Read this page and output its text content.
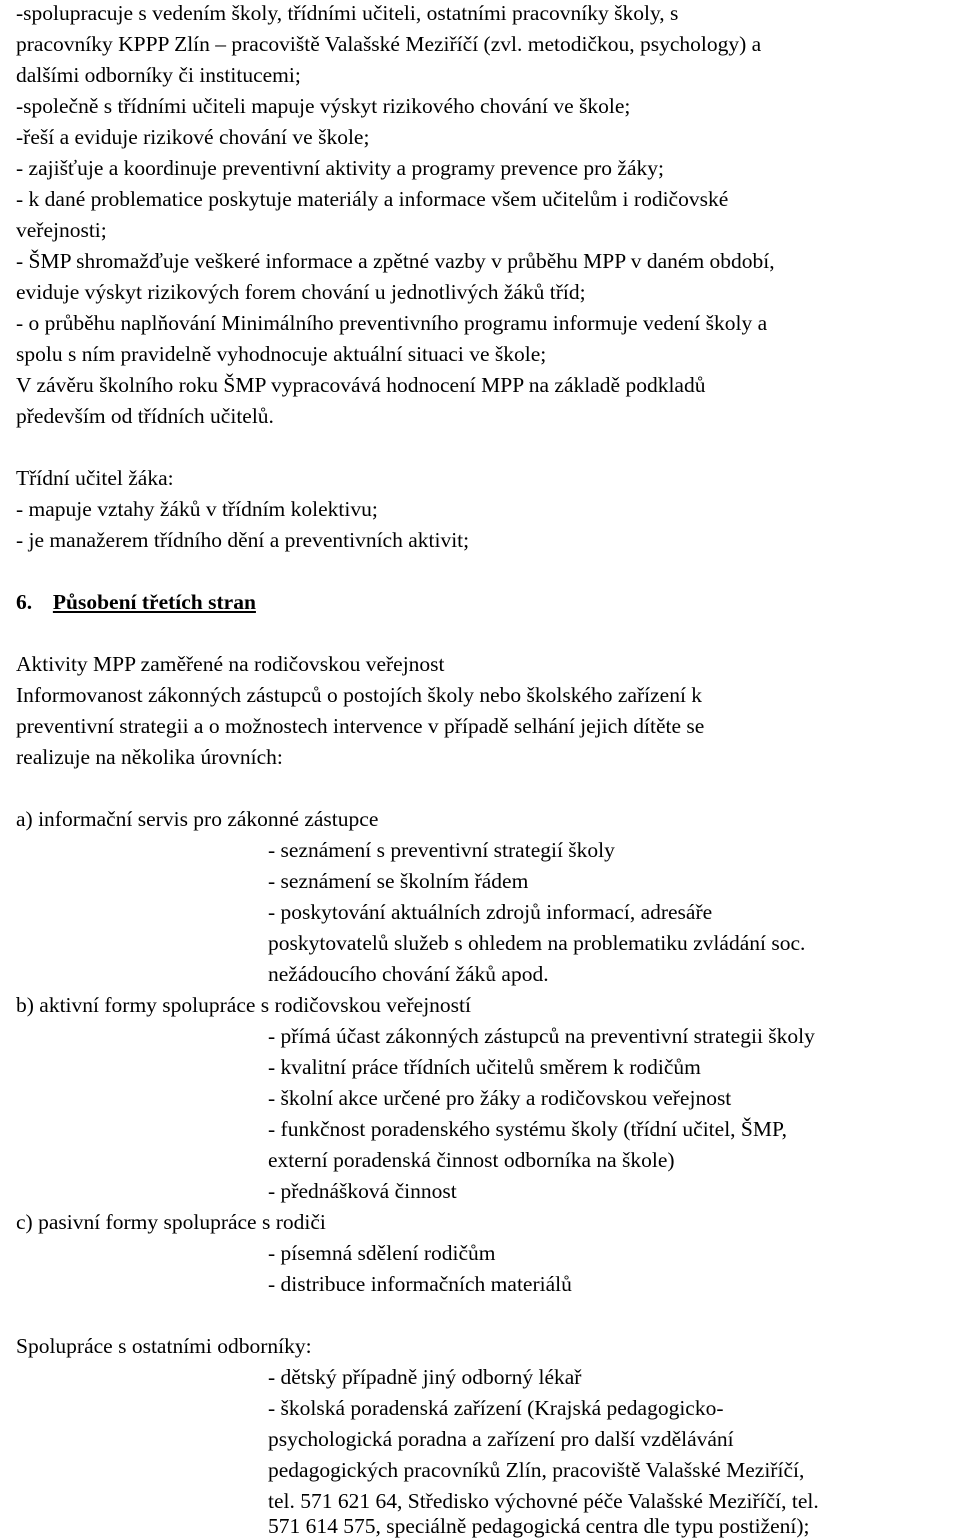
-spolupracuje s vedením školy, třídními učiteli, ostatními pracovníky školy, s
pracovníky KPPP Zlín – pracoviště Valašské Meziříčí (zvl. metodičkou, psychology) a
dalšími odborníky či institucemi;
-společně s třídními učiteli mapuje výskyt rizikového chování ve škole;
-řeší a eviduje rizikové chování ve škole;
- zajišťuje a koordinuje preventivní aktivity a programy prevence pro žáky;
- k dané problematice poskytuje materiály a informace všem učitelům i rodičovské
veřejnosti;
- ŠMP shromažďuje veškeré informace a zpětné vazby v průběhu MPP v daném období,
eviduje výskyt rizikových forem chování u jednotlivých žáků tříd;
- o průběhu naplňování Minimálního preventivního programu informuje vedení školy a
spolu s ním pravidelně vyhodnocuje aktuální situaci ve škole;
V závěru školního roku ŠMP vypracovává hodnocení MPP na základě podkladů
především od třídních učitelů.
Třídní učitel žáka:
- mapuje vztahy žáků v třídním kolektivu;
- je manažerem třídního dění a preventivních aktivit;
6. Působení třetích stran
Aktivity MPP zaměřené na rodičovskou veřejnost
Informovanost zákonných zástupců o postojích školy nebo školského zařízení k
preventivní strategii a o možnostech intervence v případě selhání jejich dítěte se
realizuje na několika úrovních:
a) informační servis pro zákonné zástupce
- seznámení s preventivní strategií školy
- seznámení se školním řádem
- poskytování aktuálních zdrojů informací, adresáře
poskytovatelů služeb s ohledem na problematiku zvládání soc.
nežádoucího chování žáků apod.
b) aktivní formy spolupráce s rodičovskou veřejností
- přímá účast zákonných zástupců na preventivní strategii školy
- kvalitní práce třídních učitelů směrem k rodičům
- školní akce určené pro žáky a rodičovskou veřejnost
- funkčnost poradenského systému školy (třídní učitel, ŠMP,
externí poradenská činnost odborníka na škole)
- přednášková činnost
c) pasivní formy spolupráce s rodiči
- písemná sdělení rodičům
- distribuce informačních materiálů
Spolupráce s ostatními odborníky:
- dětský případně jiný odborný lékař
- školská poradenská zařízení (Krajská pedagogicko-
psychologická poradna a zařízení pro další vzdělávání
pedagogických pracovníků Zlín, pracoviště Valašské Meziříčí,
tel. 571 621 64, Středisko výchovné péče Valašské Meziříčí, tel.
571 614 575, speciálně pedagogická centra dle typu postižení);
